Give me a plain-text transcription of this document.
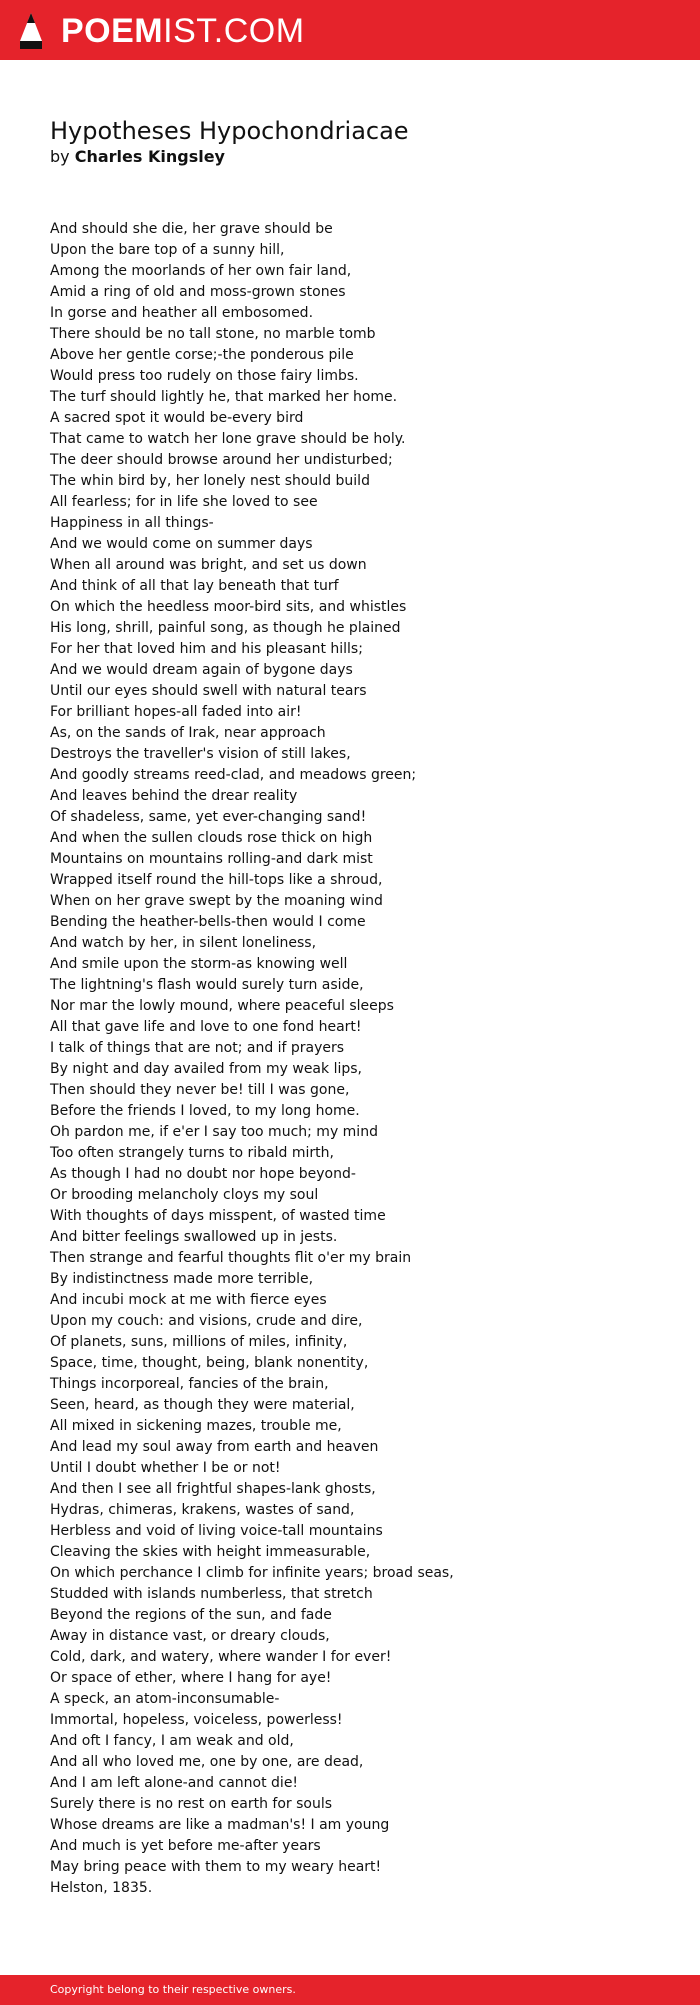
POEMIST.COM
Hypotheses Hypochondriacae
by Charles Kingsley
And should she die, her grave should be
Upon the bare top of a sunny hill,
Among the moorlands of her own fair land,
Amid a ring of old and moss-grown stones
In gorse and heather all embosomed.
There should be no tall stone, no marble tomb
Above her gentle corse;-the ponderous pile
Would press too rudely on those fairy limbs.
The turf should lightly he, that marked her home.
A sacred spot it would be-every bird
That came to watch her lone grave should be holy.
The deer should browse around her undisturbed;
The whin bird by, her lonely nest should build
All fearless; for in life she loved to see
Happiness in all things-
And we would come on summer days
When all around was bright, and set us down
And think of all that lay beneath that turf
On which the heedless moor-bird sits, and whistles
His long, shrill, painful song, as though he plained
For her that loved him and his pleasant hills;
And we would dream again of bygone days
Until our eyes should swell with natural tears
For brilliant hopes-all faded into air!
As, on the sands of Irak, near approach
Destroys the traveller's vision of still lakes,
And goodly streams reed-clad, and meadows green;
And leaves behind the drear reality
Of shadeless, same, yet ever-changing sand!
And when the sullen clouds rose thick on high
Mountains on mountains rolling-and dark mist
Wrapped itself round the hill-tops like a shroud,
When on her grave swept by the moaning wind
Bending the heather-bells-then would I come
And watch by her, in silent loneliness,
And smile upon the storm-as knowing well
The lightning's flash would surely turn aside,
Nor mar the lowly mound, where peaceful sleeps
All that gave life and love to one fond heart!
I talk of things that are not; and if prayers
By night and day availed from my weak lips,
Then should they never be! till I was gone,
Before the friends I loved, to my long home.
Oh pardon me, if e'er I say too much; my mind
Too often strangely turns to ribald mirth,
As though I had no doubt nor hope beyond-
Or brooding melancholy cloys my soul
With thoughts of days misspent, of wasted time
And bitter feelings swallowed up in jests.
Then strange and fearful thoughts flit o'er my brain
By indistinctness made more terrible,
And incubi mock at me with fierce eyes
Upon my couch: and visions, crude and dire,
Of planets, suns, millions of miles, infinity,
Space, time, thought, being, blank nonentity,
Things incorporeal, fancies of the brain,
Seen, heard, as though they were material,
All mixed in sickening mazes, trouble me,
And lead my soul away from earth and heaven
Until I doubt whether I be or not!
And then I see all frightful shapes-lank ghosts,
Hydras, chimeras, krakens, wastes of sand,
Herbless and void of living voice-tall mountains
Cleaving the skies with height immeasurable,
On which perchance I climb for infinite years; broad seas,
Studded with islands numberless, that stretch
Beyond the regions of the sun, and fade
Away in distance vast, or dreary clouds,
Cold, dark, and watery, where wander I for ever!
Or space of ether, where I hang for aye!
A speck, an atom-inconsumable-
Immortal, hopeless, voiceless, powerless!
And oft I fancy, I am weak and old,
And all who loved me, one by one, are dead,
And I am left alone-and cannot die!
Surely there is no rest on earth for souls
Whose dreams are like a madman's! I am young
And much is yet before me-after years
May bring peace with them to my weary heart!
Helston, 1835.
Copyright belong to their respective owners.
